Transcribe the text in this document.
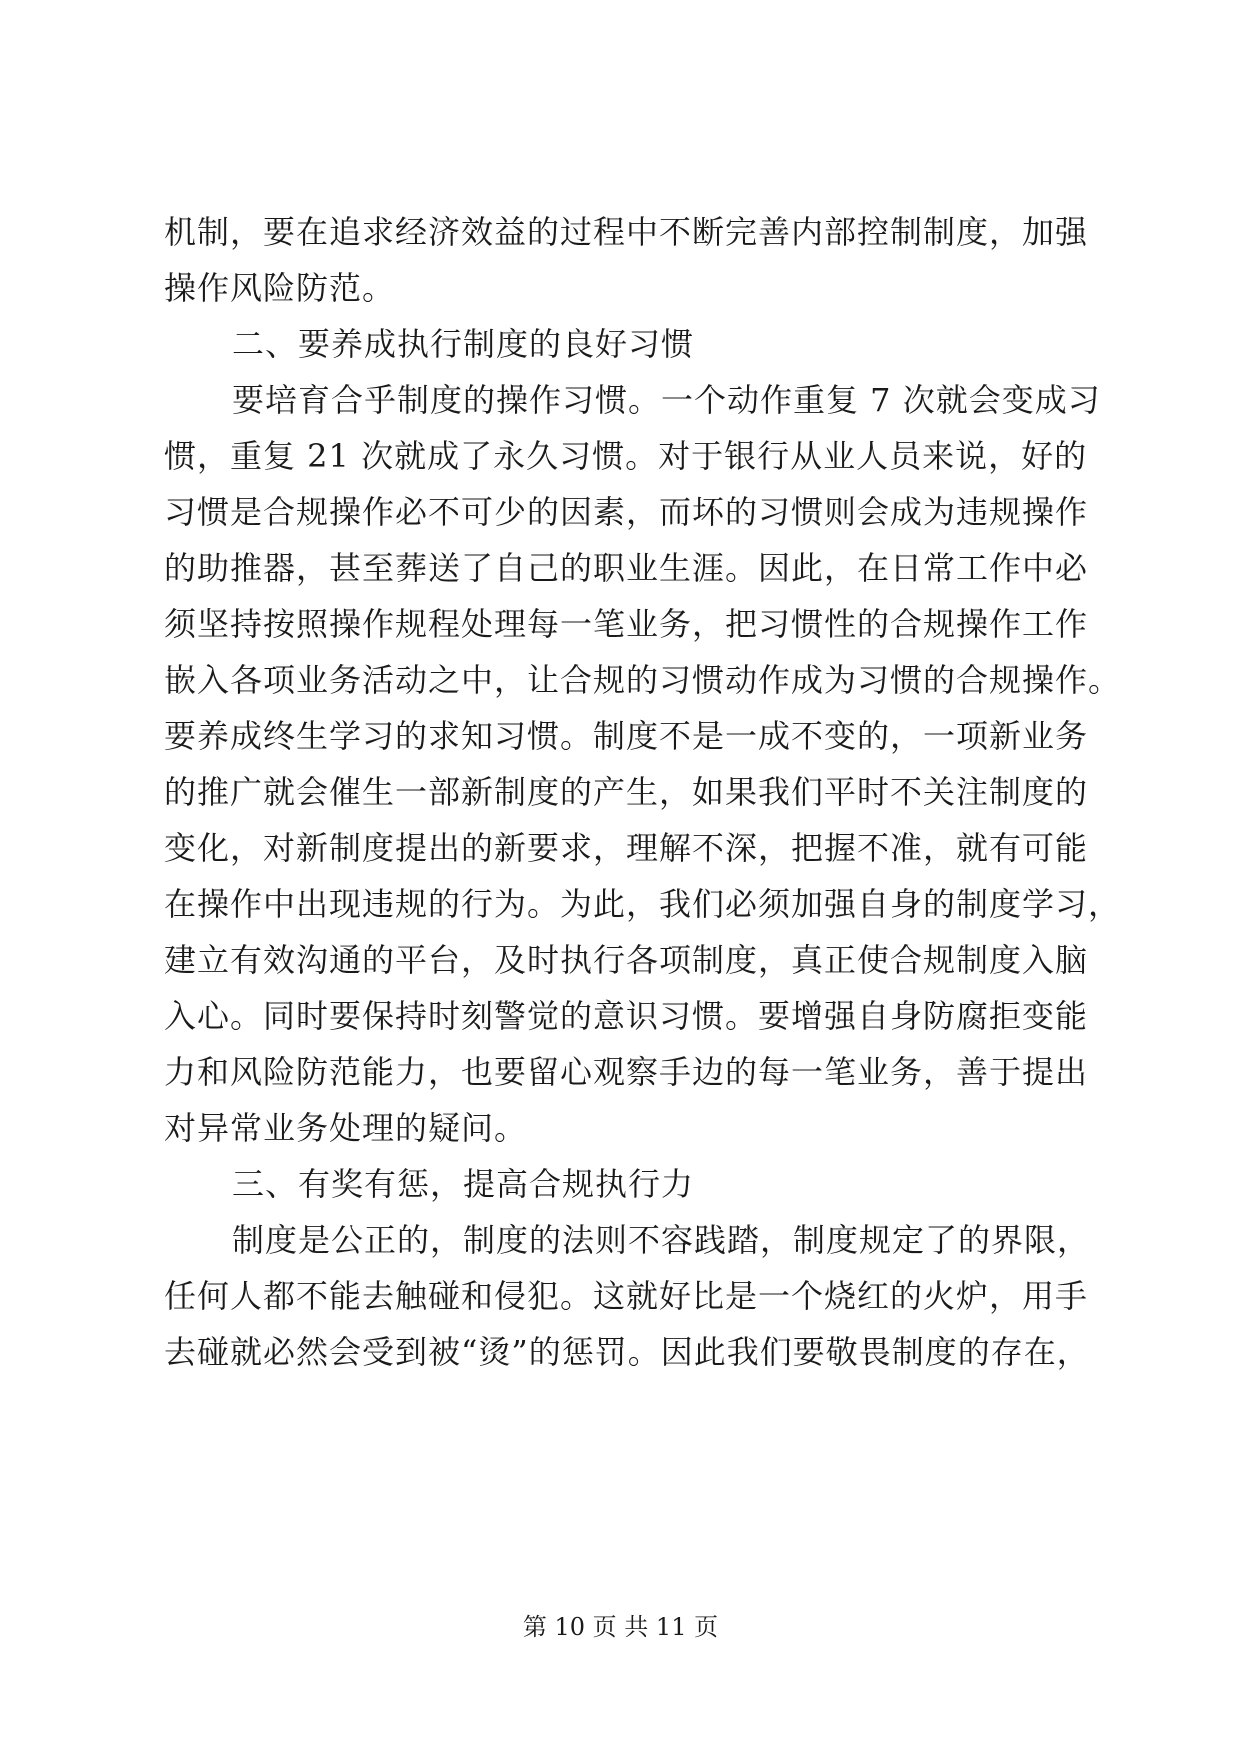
机制，要在追求经济效益的过程中不断完善内部控制制度，加强
操作风险防范。
二、要养成执行制度的良好习惯
要培育合乎制度的操作习惯。一个动作重复 7 次就会变成习
惯，重复 21 次就成了永久习惯。对于银行从业人员来说，好的
习惯是合规操作必不可少的因素，而坏的习惯则会成为违规操作
的助推器，甚至葬送了自己的职业生涯。因此，在日常工作中必
须坚持按照操作规程处理每一笔业务，把习惯性的合规操作工作
嵌入各项业务活动之中，让合规的习惯动作成为习惯的合规操作。
要养成终生学习的求知习惯。制度不是一成不变的，一项新业务
的推广就会催生一部新制度的产生，如果我们平时不关注制度的
变化，对新制度提出的新要求，理解不深，把握不准，就有可能
在操作中出现违规的行为。为此，我们必须加强自身的制度学习，
建立有效沟通的平台，及时执行各项制度，真正使合规制度入脑
入心。同时要保持时刻警觉的意识习惯。要增强自身防腐拒变能
力和风险防范能力，也要留心观察手边的每一笔业务，善于提出
对异常业务处理的疑问。
三、有奖有惩，提高合规执行力
制度是公正的，制度的法则不容践踏，制度规定了的界限，
任何人都不能去触碰和侵犯。这就好比是一个烧红的火炉，用手
去碰就必然会受到被“烫”的惩罚。因此我们要敬畏制度的存在，
第 10 页 共 11 页
